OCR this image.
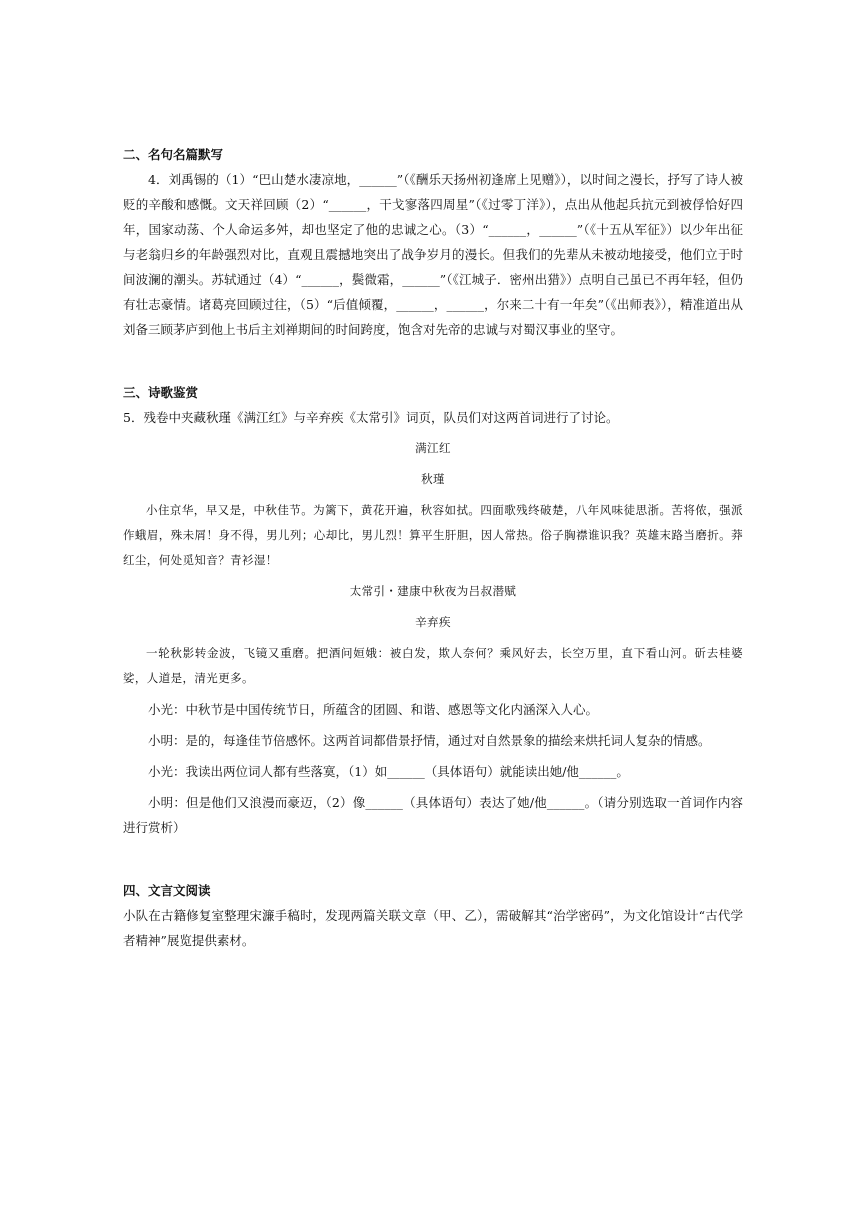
二、名句名篇默写

4．刘禹锡的（1）“巴山楚水凄凉地，______”（《酬乐天扬州初逢席上见赠》），以时间之漫长，抒写了诗人被贬的辛酸和感慨。文天祥回顾（2）“______，干戈寥落四周星”（《过零丁洋》），点出从他起兵抗元到被俘恰好四年，国家动荡、个人命运多舛，却也坚定了他的忠诚之心。（3）“______，______”（《十五从军征》）以少年出征与老翁归乡的年龄强烈对比，直观且震撼地突出了战争岁月的漫长。但我们的先辈从未被动地接受，他们立于时间波澜的潮头。苏轼通过（4）“______，鬓微霜，______”（《江城子．密州出猎》）点明自己虽已不再年轻，但仍有壮志豪情。诸葛亮回顾过往，（5）“后值倾覆，______，______，尔来二十有一年矣”（《出师表》），精准道出从刘备三顾茅庐到他上书后主刘禅期间的时间跨度，饱含对先帝的忠诚与对蜀汉事业的坚守。

三、诗歌鉴赏

5．残卷中夹藏秋瑾《满江红》与辛弃疾《太常引》词页，队员们对这两首词进行了讨论。

满江红

秋瑾

小住京华，早又是，中秋佳节。为篱下，黄花开遍，秋容如拭。四面歌残终破楚，八年风味徒思浙。苦将侬，强派作蛾眉，殊未屑！身不得，男儿列；心却比，男儿烈！算平生肝胆，因人常热。俗子胸襟谁识我？英雄末路当磨折。莽红尘，何处觅知音？青衫湿！

太常引・建康中秋夜为吕叔潜赋

辛弃疾

一轮秋影转金波，飞镜又重磨。把酒问姮娥：被白发，欺人奈何？乘风好去，长空万里，直下看山河。斫去桂婆娑，人道是，清光更多。

小光：中秋节是中国传统节日，所蕴含的团圆、和谐、感恩等文化内涵深入人心。

小明：是的，每逢佳节倍感怀。这两首词都借景抒情，通过对自然景象的描绘来烘托词人复杂的情感。

小光：我读出两位词人都有些落寞，（1）如______（具体语句）就能读出她/他______。

小明：但是他们又浪漫而豪迈，（2）像______（具体语句）表达了她/他______。（请分别选取一首词作内容进行赏析）

四、文言文阅读

小队在古籍修复室整理宋濂手稿时，发现两篇关联文章（甲、乙），需破解其“治学密码”，为文化馆设计“古代学者精神”展览提供素材。
